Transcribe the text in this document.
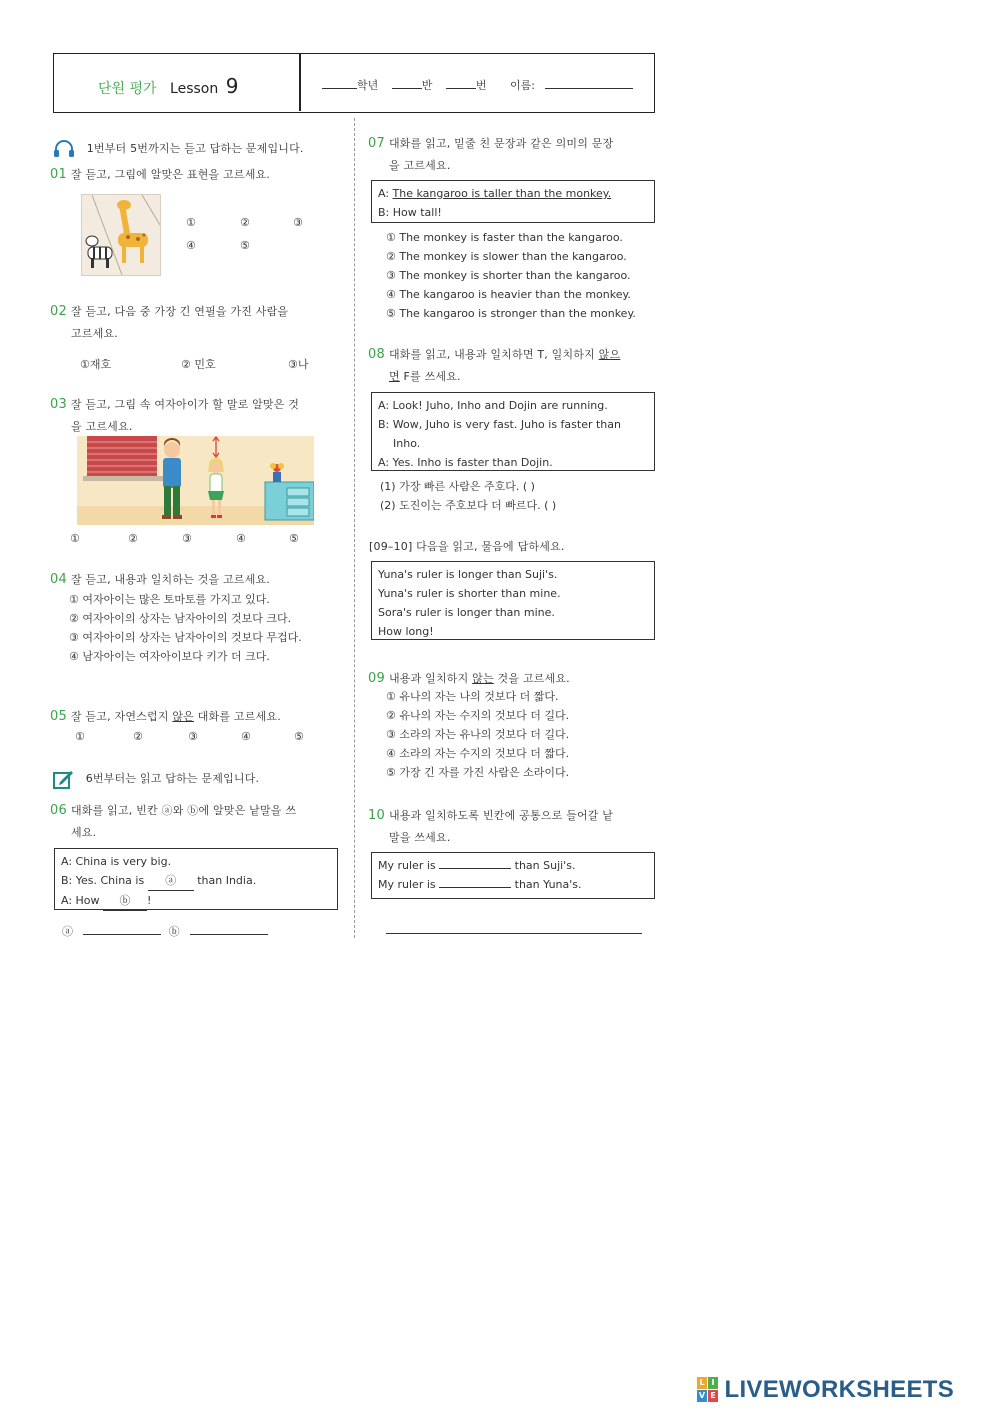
단원 평가 Lesson 9	학년	반	번 이름:
1번부터 5번까지는 듣고 답하는 문제입니다.
01 잘 듣고, 그림에 알맞은 표현을 고르세요.
①	②	③
④	⑤
02 잘 듣고, 다음 중 가장 긴 연필을 가진 사람을
고르세요.
①재호	② 민호	③나
03 잘 듣고, 그림 속 여자아이가 할 말로 알맞은 것
을 고르세요.
①	②	③	④	⑤
04 잘 듣고, 내용과 일치하는 것을 고르세요.
① 여자아이는 많은 토마토를 가지고 있다.
② 여자아이의 상자는 남자아이의 것보다 크다.
③ 여자아이의 상자는 남자아이의 것보다 무겁다.
④ 남자아이는 여자아이보다 키가 더 크다.
05 잘 듣고, 자연스럽지 않은 대화를 고르세요.
①	②	③	④	⑤
6번부터는 읽고 답하는 문제입니다.
06 대화를 읽고, 빈칸 ⓐ와 ⓑ에 알맞은 낱말을 쓰
세요.
A: China is very big.
B: Yes. China is ⓐ than India.
A: How ⓑ !
ⓐ	ⓑ
07 대화를 읽고, 밑줄 친 문장과 같은 의미의 문장
을 고르세요.
A: The kangaroo is taller than the monkey.
B: How tall!
① The monkey is faster than the kangaroo.
② The monkey is slower than the kangaroo.
③ The monkey is shorter than the kangaroo.
④ The kangaroo is heavier than the monkey.
⑤ The kangaroo is stronger than the monkey.
08 대화를 읽고, 내용과 일치하면 T, 일치하지 않으
면 F를 쓰세요.
A: Look! Juho, Inho and Dojin are running.
B: Wow, Juho is very fast. Juho is faster than
Inho.
A: Yes. Inho is faster than Dojin.
(1) 가장 빠른 사람은 주호다. ( )
(2) 도진이는 주호보다 더 빠르다. ( )
[09–10] 다음을 읽고, 물음에 답하세요.
Yuna's ruler is longer than Suji's.
Yuna's ruler is shorter than mine.
Sora's ruler is longer than mine.
How long!
09 내용과 일치하지 않는 것을 고르세요.
① 유나의 자는 나의 것보다 더 짧다.
② 유나의 자는 수지의 것보다 더 길다.
③ 소라의 자는 유나의 것보다 더 길다.
④ 소라의 자는 수지의 것보다 더 짧다.
⑤ 가장 긴 자를 가진 사람은 소라이다.
10 내용과 일치하도록 빈칸에 공통으로 들어갈 낱
말을 쓰세요.
My ruler is	than Suji's.
My ruler is	than Yuna's.
L I
V E LIVEWORKSHEETS
